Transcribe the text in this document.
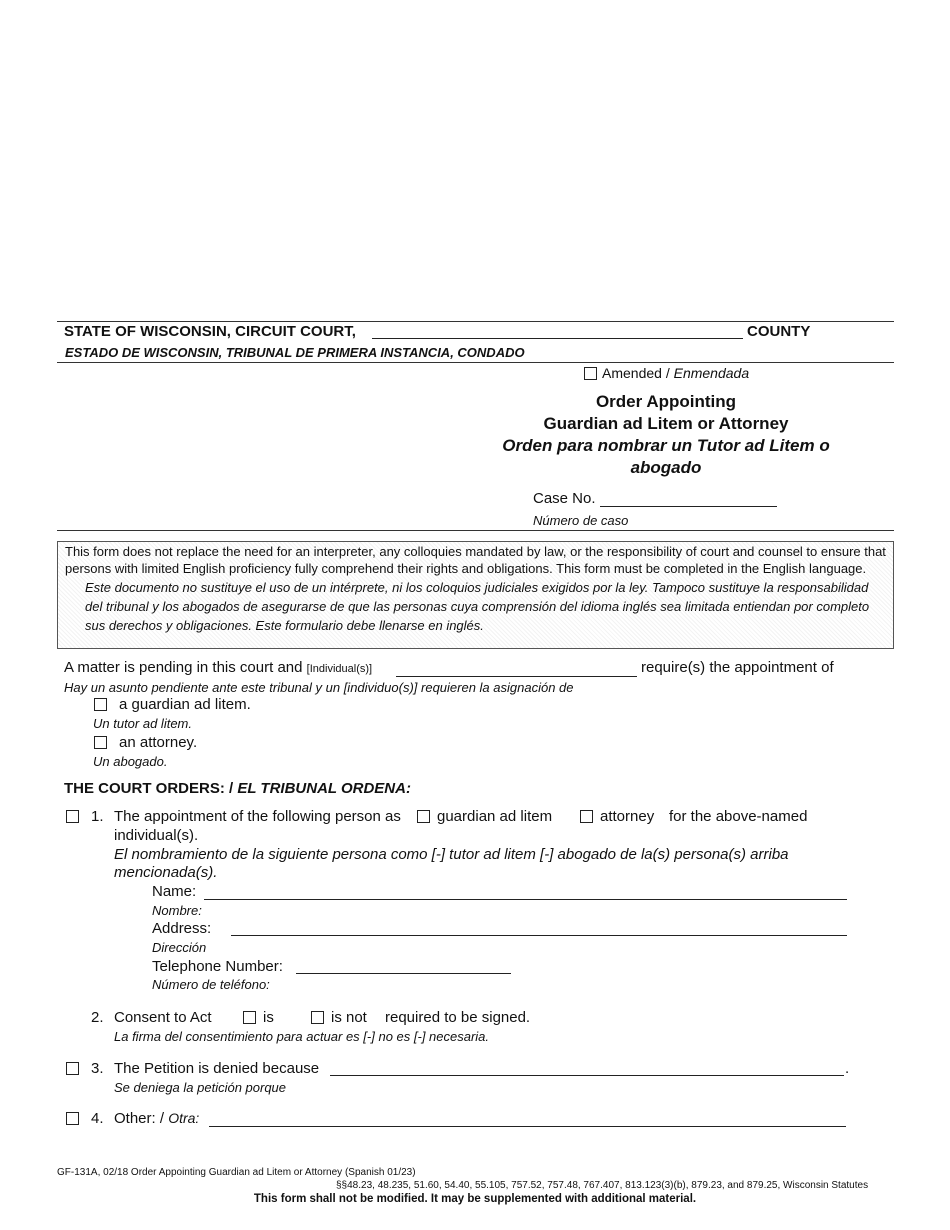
STATE OF WISCONSIN, CIRCUIT COURT,	COUNTY
ESTADO DE WISCONSIN, TRIBUNAL DE PRIMERA INSTANCIA, CONDADO
Amended / Enmendada
Order Appointing
Guardian ad Litem or Attorney
Orden para nombrar un Tutor ad Litem o
abogado
Case No.
Número de caso

This form does not replace the need for an interpreter, any colloquies mandated by law, or the responsibility of court and counsel to ensure that persons with limited English proficiency fully comprehend their rights and obligations. This form must be completed in the English language.

Este documento no sustituye el uso de un intérprete, ni los coloquios judiciales exigidos por la ley. Tampoco sustituye la responsabilidad del tribunal y los abogados de asegurarse de que las personas cuya comprensión del idioma inglés sea limitada entiendan por completo sus derechos y obligaciones. Este formulario debe llenarse en inglés.

A matter is pending in this court and [Individual(s)]	require(s) the appointment of
Hay un asunto pendiente ante este tribunal y un [individuo(s)] requieren la asignación de
a guardian ad litem.
Un tutor ad litem.
an attorney.
Un abogado.
THE COURT ORDERS: / EL TRIBUNAL ORDENA:
1. The appointment of the following person as guardian ad litem	attorney for the above-named
individual(s).
El nombramiento de la siguiente persona como [-] tutor ad litem [-] abogado de la(s) persona(s) arriba
mencionada(s).
Name:
Nombre:
Address:
Dirección
Telephone Number:
Número de teléfono:
2. Consent to Act	is	is not required to be signed.
La firma del consentimiento para actuar es [-] no es [-] necesaria.
3. The Petition is denied because	.
Se deniega la petición porque
4. Other: / Otra:
GF-131A, 02/18 Order Appointing Guardian ad Litem or Attorney (Spanish 01/23)
§§48.23, 48.235, 51.60, 54.40, 55.105, 757.52, 757.48, 767.407, 813.123(3)(b), 879.23, and 879.25, Wisconsin Statutes
This form shall not be modified. It may be supplemented with additional material.
